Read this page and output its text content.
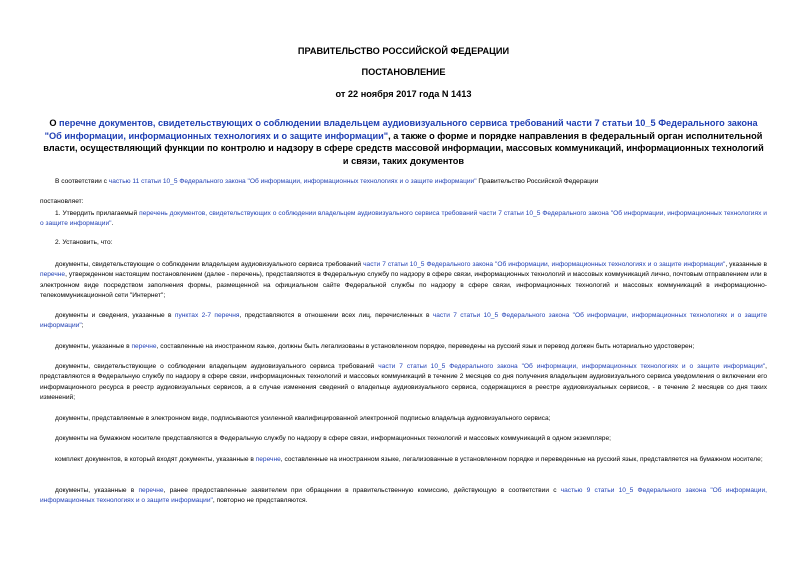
ПРАВИТЕЛЬСТВО РОССИЙСКОЙ ФЕДЕРАЦИИ
ПОСТАНОВЛЕНИЕ
от 22 ноября 2017 года N 1413
О перечне документов, свидетельствующих о соблюдении владельцем аудиовизуального сервиса требований части 7 статьи 10_5 Федерального закона "Об информации, информационных технологиях и о защите информации", а также о форме и порядке направления в федеральный орган исполнительной власти, осуществляющий функции по контролю и надзору в сфере средств массовой информации, массовых коммуникаций, информационных технологий и связи, таких документов
В соответствии с частью 11 статьи 10_5 Федерального закона "Об информации, информационных технологиях и о защите информации" Правительство Российской Федерации
постановляет:
1. Утвердить прилагаемый перечень документов, свидетельствующих о соблюдении владельцем аудиовизуального сервиса требований части 7 статьи 10_5 Федерального закона "Об информации, информационных технологиях и о защите информации".
2. Установить, что:
документы, свидетельствующие о соблюдении владельцем аудиовизуального сервиса требований части 7 статьи 10_5 Федерального закона "Об информации, информационных технологиях и о защите информации", указанные в перечне, утвержденном настоящим постановлением (далее - перечень), представляются в Федеральную службу по надзору в сфере связи, информационных технологий и массовых коммуникаций лично, почтовым отправлением или в электронном виде посредством заполнения формы, размещенной на официальном сайте Федеральной службы по надзору в сфере связи, информационных технологий и массовых коммуникаций в информационно-телекоммуникационной сети "Интернет";
документы и сведения, указанные в пунктах 2-7 перечня, представляются в отношении всех лиц, перечисленных в части 7 статьи 10_5 Федерального закона "Об информации, информационных технологиях и о защите информации";
документы, указанные в перечне, составленные на иностранном языке, должны быть легализованы в установленном порядке, переведены на русский язык и перевод должен быть нотариально удостоверен;
документы, свидетельствующие о соблюдении владельцем аудиовизуального сервиса требований части 7 статьи 10_5 Федерального закона "Об информации, информационных технологиях и о защите информации", представляются в Федеральную службу по надзору в сфере связи, информационных технологий и массовых коммуникаций в течение 2 месяцев со дня получения владельцем аудиовизуального сервиса уведомления о включении его информационного ресурса в реестр аудиовизуальных сервисов, а в случае изменения сведений о владельце аудиовизуального сервиса, содержащихся в реестре аудиовизуальных сервисов, - в течение 2 месяцев со дня таких изменений;
документы, представляемые в электронном виде, подписываются усиленной квалифицированной электронной подписью владельца аудиовизуального сервиса;
документы на бумажном носителе представляются в Федеральную службу по надзору в сфере связи, информационных технологий и массовых коммуникаций в одном экземпляре;
комплект документов, в который входят документы, указанные в перечне, составленные на иностранном языке, легализованные в установленном порядке и переведенные на русский язык, представляется на бумажном носителе;
документы, указанные в перечне, ранее предоставленные заявителем при обращении в правительственную комиссию, действующую в соответствии с частью 9 статьи 10_5 Федерального закона "Об информации, информационных технологиях и о защите информации", повторно не представляются.
